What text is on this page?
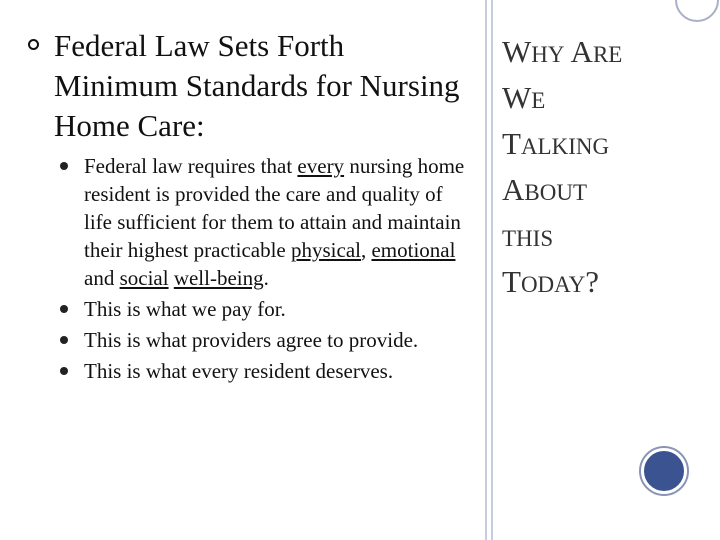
Federal Law Sets Forth Minimum Standards for Nursing Home Care:
Federal law requires that every nursing home resident is provided the care and quality of life sufficient for them to attain and maintain their highest practicable physical, emotional and social well-being.
This is what we pay for.
This is what providers agree to provide.
This is what every resident deserves.
WHY ARE
WE
TALKING
ABOUT
THIS
TODAY?
